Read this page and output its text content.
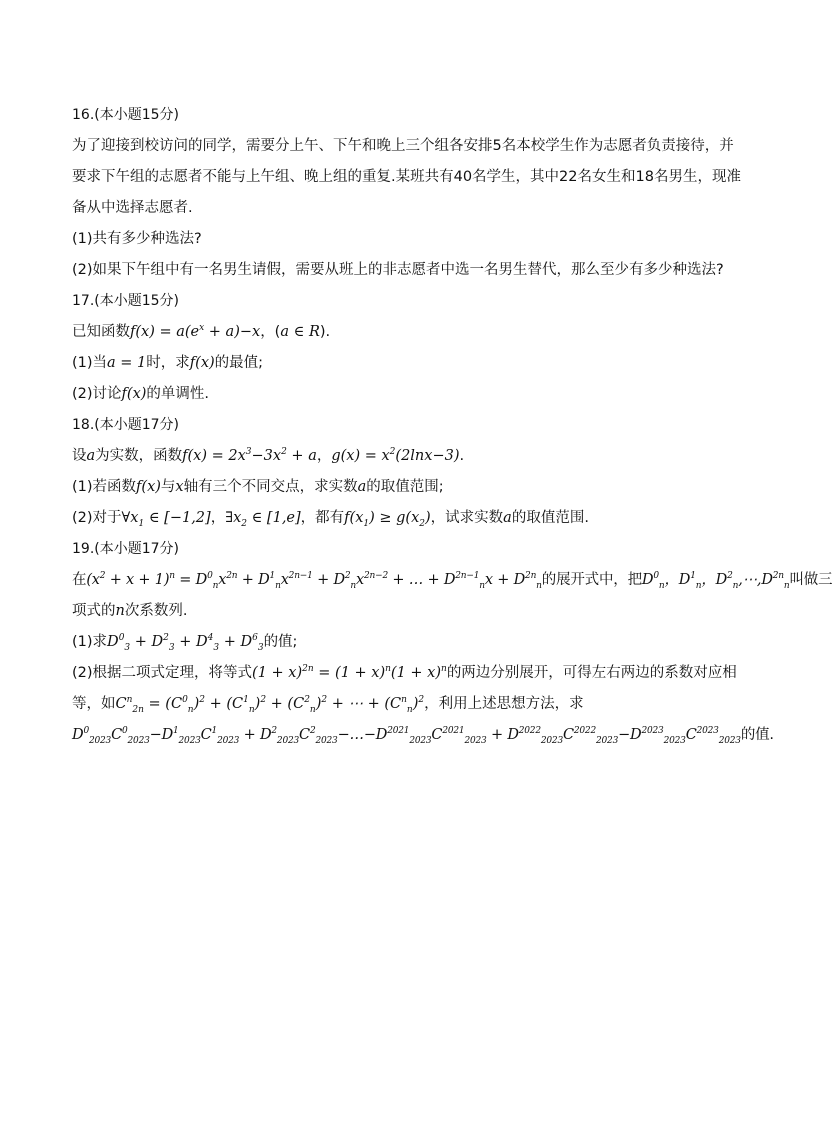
16.(本小题15分)
为了迎接到校访问的同学，需要分上午、下午和晚上三个组各安排5名本校学生作为志愿者负责接待，并
要求下午组的志愿者不能与上午组、晚上组的重复.某班共有40名学生，其中22名女生和18名男生，现准
备从中选择志愿者.
(1)共有多少种选法?
(2)如果下午组中有一名男生请假，需要从班上的非志愿者中选一名男生替代，那么至少有多少种选法?
17.(本小题15分)
已知函数$f(x) = a(e^x + a)-x$，(a ∈ R).
(1)当a = 1时，求f(x)的最值;
(2)讨论f(x)的单调性.
18.(本小题17分)
设a为实数，函数$f(x) = 2x^3-3x^2 + a$，$g(x) = x^2(2\ln x-3)$.
(1)若函数f(x)与x轴有三个不同交点，求实数a的取值范围;
(2)对于$\forall x_1$ ∈ [−1,2]，$\exists x_2$ ∈ [1,e]，都有$f(x_1) \ge g(x_2)$，试求实数a的取值范围.
19.(本小题17分)
在$(x^2 + x + 1)^n = D^0_nx^{2n} + D^1_nx^{2n-1} + D^2_nx^{2n-2}$ + … + $D^{2n-1}_nx + D^{2n}_n$的展开式中，把$D^0_n$，$D^1_n$，$D^2_n,\cdots,D^{2n}_n$叫做三
项式的n次系数列.
(1)求$D^0_3 + D^2_3 + D^4_3 + D^6_3$的值;
(2)根据二项式定理，将等式$(1 + x)^{2n} = (1 + x)^n(1 + x)^n$的两边分别展开，可得左右两边的系数对应相
等，如$C^n_{2n} = (C^0_n)^2 + (C^1_n)^2 + (C^2_n)^2$ + ⋯ + $(C^n_n)^2$，利用上述思想方法，求
$D^0_{2023}C^0_{2023}-D^1_{2023}C^1_{2023}$ + $D^2_{2023}C^2_{2023}-\dots-D^{2021}_{2023}C^{2021}_{2023} + D^{2022}_{2023}C^{2022}_{2023}-D^{2023}_{2023}C^{2023}_{2023}$的值.
